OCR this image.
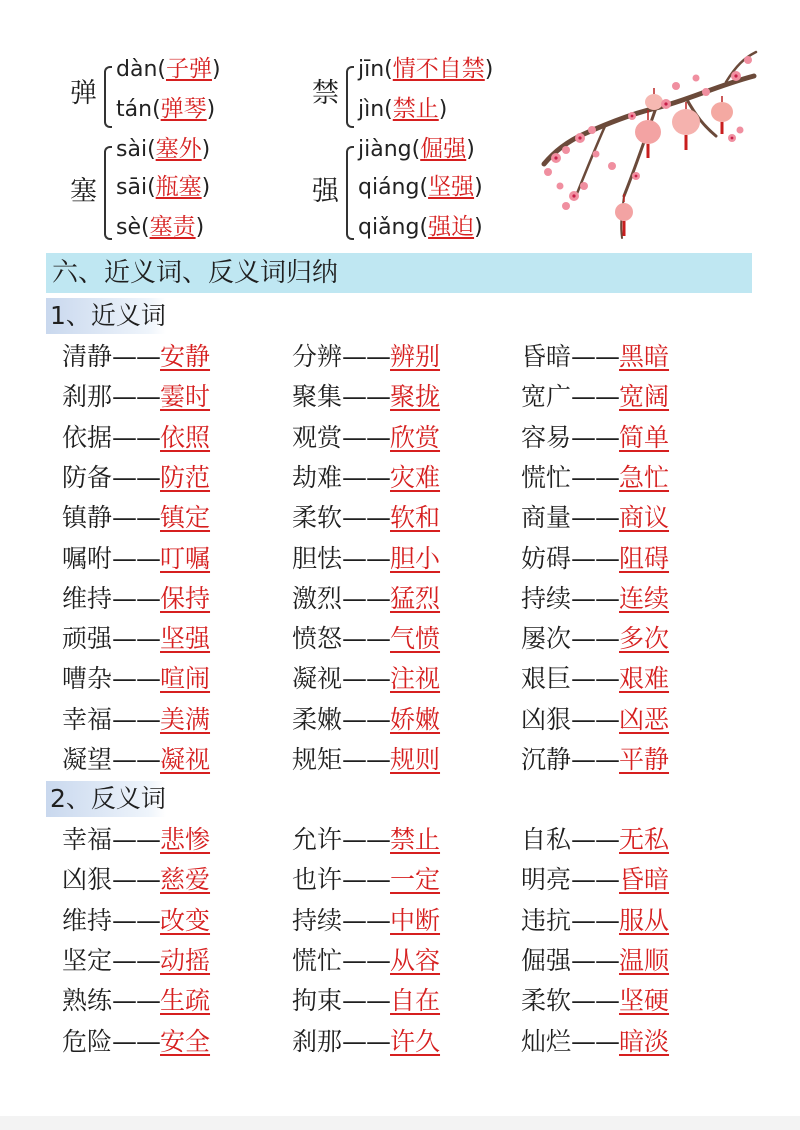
弹
dàn(子弹)
tán(弹琴)
禁
jīn(情不自禁)
jìn(禁止)
塞
sài(塞外)
sāi(瓶塞)
sè(塞责)
强
jiàng(倔强)
qiáng(坚强)
qiǎng(强迫)
六、近义词、反义词归纳
1、近义词
清静——安静
刹那——霎时
依据——依照
防备——防范
镇静——镇定
嘱咐——叮嘱
维持——保持
顽强——坚强
嘈杂——喧闹
幸福——美满
凝望——凝视
分辨——辨别
聚集——聚拢
观赏——欣赏
劫难——灾难
柔软——软和
胆怯——胆小
激烈——猛烈
愤怒——气愤
凝视——注视
柔嫩——娇嫩
规矩——规则
昏暗——黑暗
宽广——宽阔
容易——简单
慌忙——急忙
商量——商议
妨碍——阻碍
持续——连续
屡次——多次
艰巨——艰难
凶狠——凶恶
沉静——平静
2、反义词
幸福——悲惨
凶狠——慈爱
维持——改变
坚定——动摇
熟练——生疏
危险——安全
允许——禁止
也许——一定
持续——中断
慌忙——从容
拘束——自在
刹那——许久
自私——无私
明亮——昏暗
违抗——服从
倔强——温顺
柔软——坚硬
灿烂——暗淡
